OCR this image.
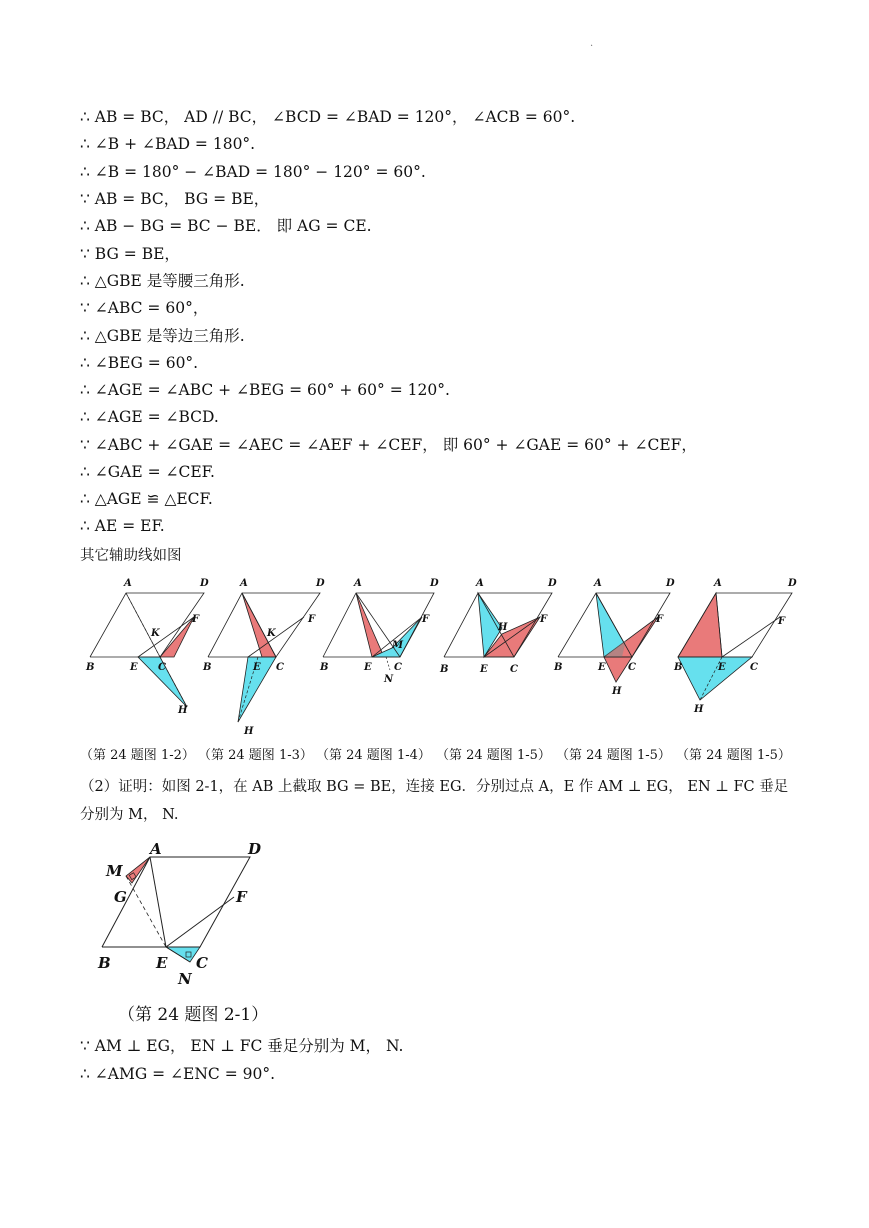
.
∴ AB = BC， AD // BC， ∠BCD = ∠BAD = 120°， ∠ACB = 60°.
∴ ∠B + ∠BAD = 180°.
∴ ∠B = 180° − ∠BAD = 180° − 120° = 60°.
∵ AB = BC， BG = BE，
∴ AB − BG = BC − BE． 即 AG = CE.
∵ BG = BE，
∴ △GBE 是等腰三角形.
∵ ∠ABC = 60°，
∴ △GBE 是等边三角形.
∴ ∠BEG = 60°.
∴ ∠AGE = ∠ABC + ∠BEG = 60° + 60° = 120°.
∴ ∠AGE = ∠BCD.
∵ ∠ABC + ∠GAE = ∠AEC = ∠AEF + ∠CEF， 即 60° + ∠GAE = 60° + ∠CEF，
∴ ∠GAE = ∠CEF.
∴ △AGE ≌ △ECF.
∴ AE = EF.
其它辅助线如图
A	D
F
K
B	E C
H
A	D
F
K
B	E C
H
A	D
F
M
B	E C
N
A	D
F
H
B	E C
A	D
F
B	E C
H
A	D
F
B	E C
H
（第 24 题图 1-2） （第 24 题图 1-3） （第 24 题图 1-4） （第 24 题图 1-5） （第 24 题图 1-5） （第 24 题图 1-5）
（2）证明：如图 2-1，在 AB 上截取 BG = BE，连接 EG．分别过点 A，E 作 AM ⊥ EG， EN ⊥ FC 垂足
分别为 M， N.
A	D
M
G	F
B	E C
N
（第 24 题图 2-1）
∵ AM ⊥ EG， EN ⊥ FC 垂足分别为 M， N.
∴ ∠AMG = ∠ENC = 90°.
